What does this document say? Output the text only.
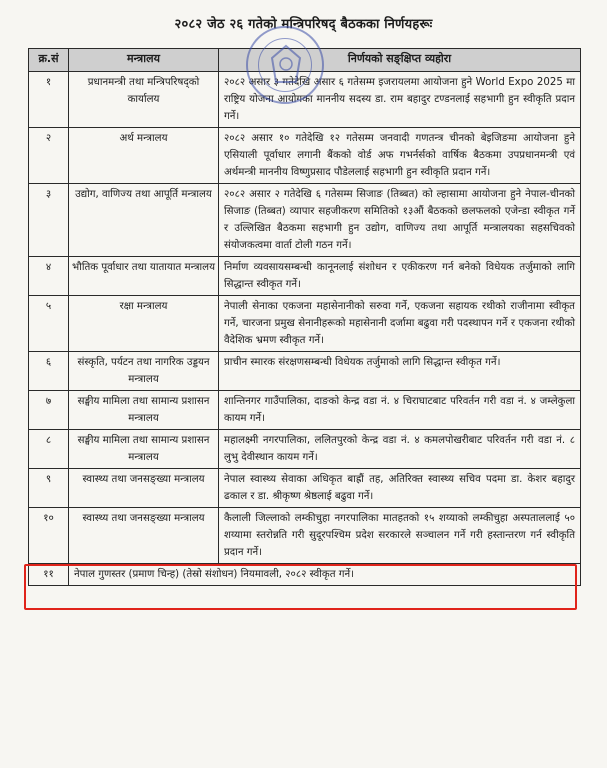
२०८२ जेठ २६ गतेको मन्त्रिपरिषद् बैठकका निर्णयहरूः
क्र.सं	मन्त्रालय	निर्णयको सङ्‌क्षिप्त व्यहोरा
१	प्रधानमन्त्री तथा मन्त्रिपरिषद्को कार्यालय	२०८२ असार ३ गतेदेखि असार ६ गतेसम्म इजरायलमा आयोजना हुने World Expo 2025 मा राष्ट्रिय योजना आयोगका माननीय सदस्य डा. राम बहादुर टण्डनलाई सहभागी हुन स्वीकृति प्रदान गर्ने।
२	अर्थ मन्त्रालय	२०८२ असार १० गतेदेखि १२ गतेसम्म जनवादी गणतन्त्र चीनको बेइजिङमा आयोजना हुने एसियाली पूर्वाधार लगानी बैंकको वोर्ड अफ गभर्नर्सको वार्षिक बैठकमा उपप्रधानमन्त्री एवं अर्थमन्त्री माननीय विष्णुप्रसाद पौडेललाई सहभागी हुन स्वीकृति प्रदान गर्ने।
३	उद्योग, वाणिज्य तथा आपूर्ति मन्त्रालय	२०८२ असार २ गतेदेखि ६ गतेसम्म सिजाङ (तिब्बत) को ल्हासामा आयोजना हुने नेपाल-चीनको सिजाङ (तिब्बत) व्यापार सहजीकरण समितिको १३औं बैठकको छलफलको एजेन्डा स्वीकृत गर्ने र उल्लिखित बैठकमा सहभागी हुन उद्योग, वाणिज्य तथा आपूर्ति मन्त्रालयका सहसचिवको संयोजकत्वमा वार्ता टोली गठन गर्ने।
४	भौतिक पूर्वाधार तथा यातायात मन्त्रालय	निर्माण व्यवसायसम्बन्धी कानूनलाई संशोधन र एकीकरण गर्न बनेको विधेयक तर्जुमाको लागि सिद्धान्त स्वीकृत गर्ने।
५	रक्षा मन्त्रालय	नेपाली सेनाका एकजना महासेनानीको सरुवा गर्ने, एकजना सहायक रथीको राजीनामा स्वीकृत गर्ने, चारजना प्रमुख सेनानीहरूको महासेनानी दर्जामा बढुवा गरी पदस्थापन गर्ने र एकजना रथीको वैदेशिक भ्रमण स्वीकृत गर्ने।
६	संस्कृति, पर्यटन तथा नागरिक उड्डयन मन्त्रालय	प्राचीन स्मारक संरक्षणसम्बन्धी विधेयक तर्जुमाको लागि सिद्धान्त स्वीकृत गर्ने।
७	सङ्घीय मामिला तथा सामान्य प्रशासन मन्त्रालय	शान्तिनगर गाउँपालिका, दाङको केन्द्र वडा नं. ४ चिराघाटबाट परिवर्तन गरी वडा नं. ४ जम्लेकुला कायम गर्ने।
८	सङ्घीय मामिला तथा सामान्य प्रशासन मन्त्रालय	महालक्ष्मी नगरपालिका, ललितपुरको केन्द्र वडा नं. ४ कमलपोखरीबाट परिवर्तन गरी वडा नं. ८ लुभु देवीस्थान कायम गर्ने।
९	स्वास्थ्य तथा जनसङ्ख्या मन्त्रालय	नेपाल स्वास्थ्य सेवाका अधिकृत बाह्रौं तह, अतिरिक्त स्वास्थ्य सचिव पदमा डा. केशर बहादुर ढकाल र डा. श्रीकृष्ण श्रेष्ठलाई बढुवा गर्ने।
१०	स्वास्थ्य तथा जनसङ्ख्या मन्त्रालय	कैलाली जिल्लाको लम्कीचुहा नगरपालिका मातहतको १५ शय्याको लम्कीचुहा अस्पताललाई ५० शय्यामा स्तरोन्नति गरी सुदूरपश्चिम प्रदेश सरकारले सञ्चालन गर्ने गरी हस्तान्तरण गर्न स्वीकृति प्रदान गर्ने।
११	नेपाल गुणस्तर (प्रमाण चिन्ह) (तेस्रो संशोधन) नियमावली, २०८२ स्वीकृत गर्ने।	
